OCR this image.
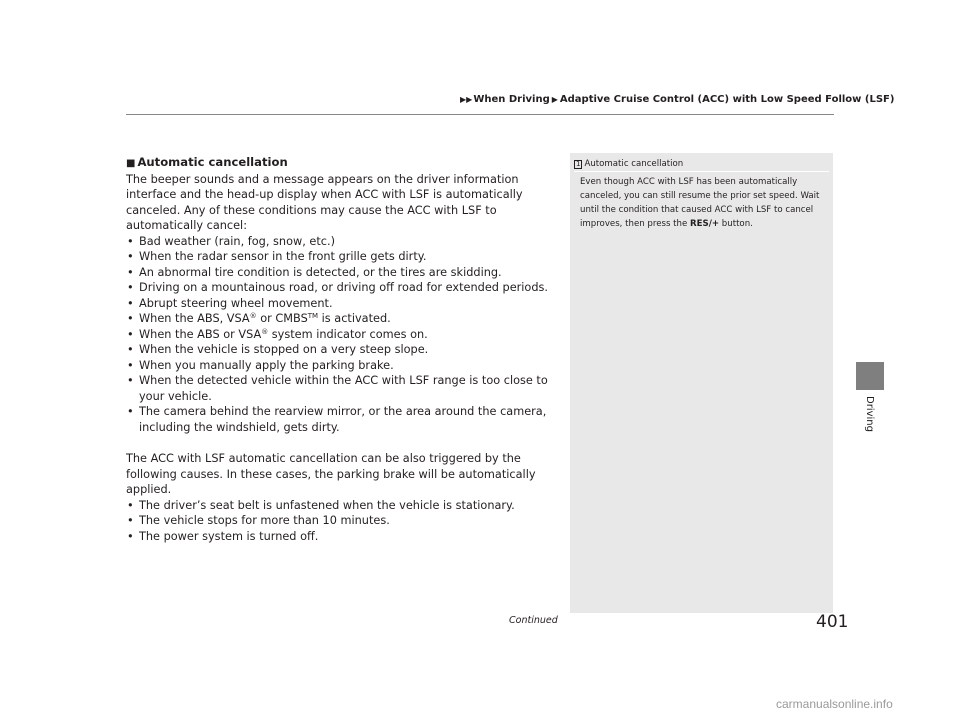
▶▶When Driving ▶ Adaptive Cruise Control (ACC) with Low Speed Follow (LSF)
■ Automatic cancellation

The beeper sounds and a message appears on the driver information interface and the head-up display when ACC with LSF is automatically canceled. Any of these conditions may cause the ACC with LSF to automatically cancel:

• Bad weather (rain, fog, snow, etc.)
• When the radar sensor in the front grille gets dirty.
• An abnormal tire condition is detected, or the tires are skidding.
• Driving on a mountainous road, or driving off road for extended periods.
• Abrupt steering wheel movement.
• When the ABS, VSA® or CMBS™ is activated.
• When the ABS or VSA® system indicator comes on.
• When the vehicle is stopped on a very steep slope.
• When you manually apply the parking brake.
• When the detected vehicle within the ACC with LSF range is too close to your vehicle.
• The camera behind the rearview mirror, or the area around the camera, including the windshield, gets dirty.

The ACC with LSF automatic cancellation can be also triggered by the following causes. In these cases, the parking brake will be automatically applied.

• The driver’s seat belt is unfastened when the vehicle is stationary.
• The vehicle stops for more than 10 minutes.
• The power system is turned off.
1 Automatic cancellation
Even though ACC with LSF has been automatically canceled, you can still resume the prior set speed. Wait until the condition that caused ACC with LSF to cancel improves, then press the RES/+ button.
Driving
Continued	401
carmanualsonline.info
